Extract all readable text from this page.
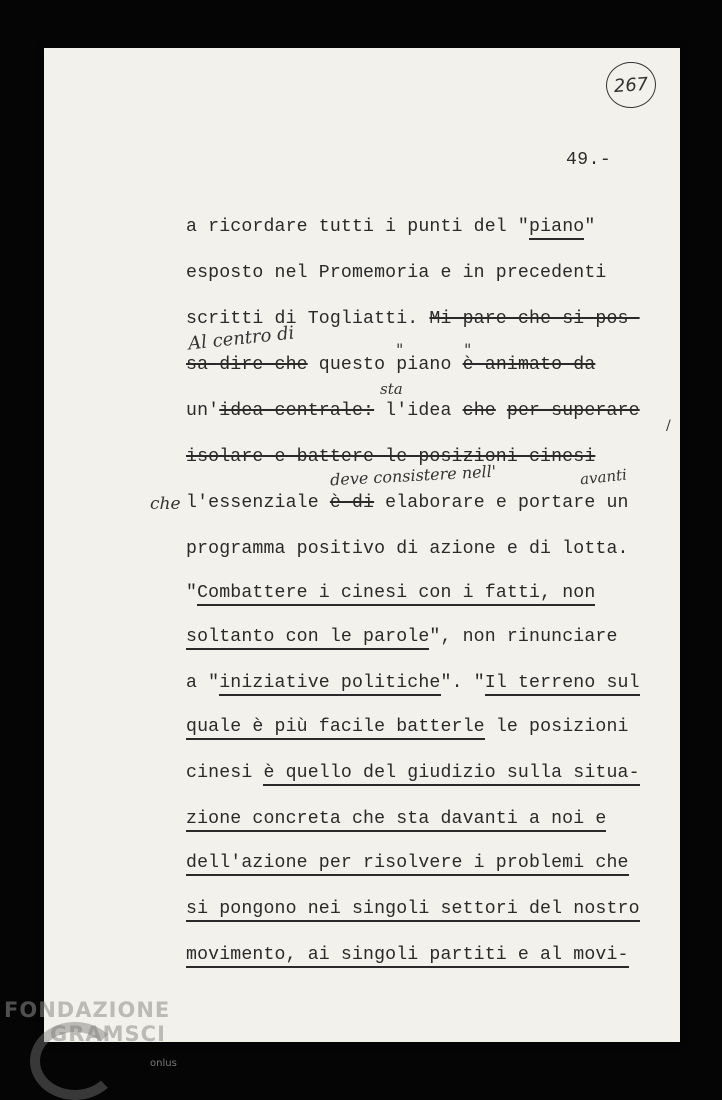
267
49.-
a ricordare tutti i punti del "piano"
esposto nel Promemoria e in precedenti
scritti di Togliatti. Mi pare che si pos-
sa dire che questo piano è animato da
un'idea centrale: l'idea che per superare
isolare e battere le posizioni cinesi
l'essenziale è di elaborare e portare un
programma positivo di azione e di lotta.
"Combattere i cinesi con i fatti, non
soltanto con le parole", non rinunciare
a "iniziative politiche". "Il terreno sul
quale è più facile batterle le posizioni
cinesi è quello del giudizio sulla situa-
zione concreta che sta davanti a noi e
dell'azione per risolvere i problemi che
si pongono nei singoli settori del nostro
movimento, ai singoli partiti e al movi-
Al centro di
sta
deve consistere nell'	avanti
che
"	"
/
FONDAZIONE
GRAMSCI
onlus
